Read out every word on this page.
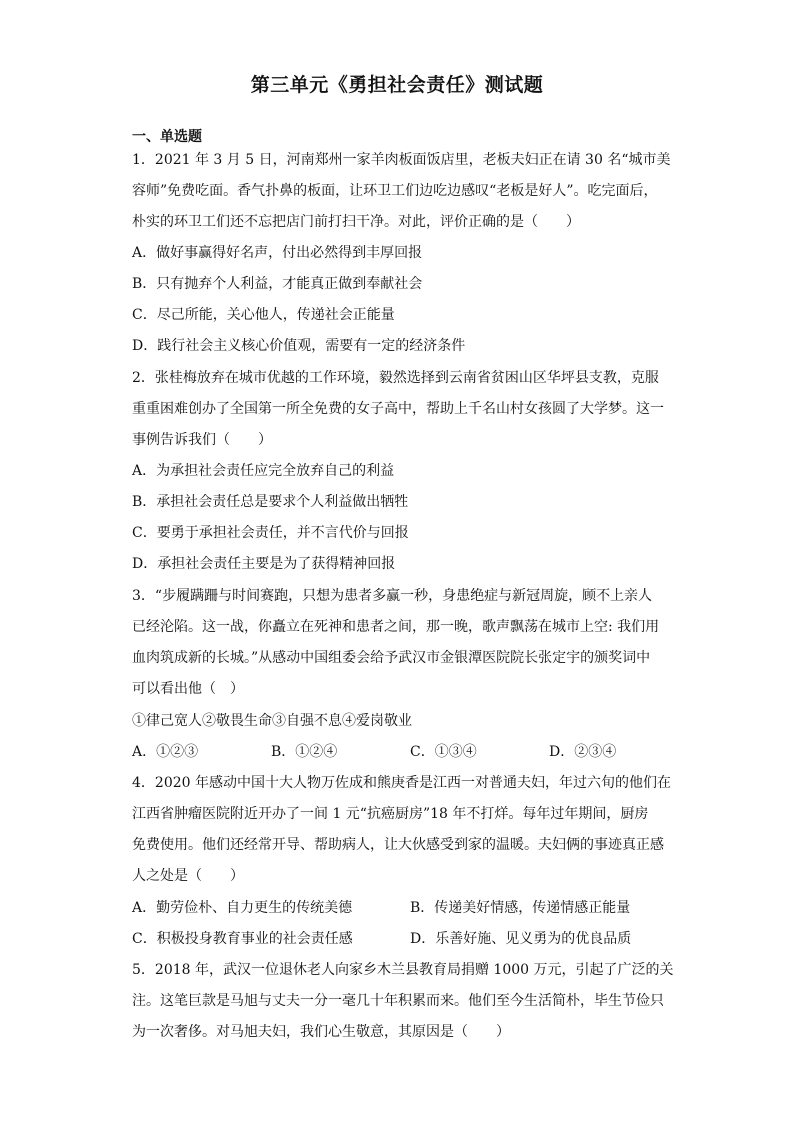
第三单元《勇担社会责任》测试题
一、单选题
1．2021 年 3 月 5 日，河南郑州一家羊肉板面饭店里，老板夫妇正在请 30 名“城市美
容师”免费吃面。香气扑鼻的板面，让环卫工们边吃边感叹“老板是好人”。吃完面后，
朴实的环卫工们还不忘把店门前打扫干净。对此，评价正确的是（　　）
A．做好事赢得好名声，付出必然得到丰厚回报
B．只有抛弃个人利益，才能真正做到奉献社会
C．尽己所能，关心他人，传递社会正能量
D．践行社会主义核心价值观，需要有一定的经济条件
2．张桂梅放弃在城市优越的工作环境，毅然选择到云南省贫困山区华坪县支教，克服
重重困难创办了全国第一所全免费的女子高中，帮助上千名山村女孩圆了大学梦。这一
事例告诉我们（　　）
A．为承担社会责任应完全放弃自己的利益
B．承担社会责任总是要求个人利益做出牺牲
C．要勇于承担社会责任，并不言代价与回报
D．承担社会责任主要是为了获得精神回报
3．“步履蹒跚与时间赛跑，只想为患者多赢一秒，身患绝症与新冠周旋，顾不上亲人
已经沦陷。这一战，你矗立在死神和患者之间，那一晚，歌声飘荡在城市上空: 我们用
血肉筑成新的长城。”从感动中国组委会给予武汉市金银潭医院院长张定宇的颁奖词中
可以看出他（　）
①律己宽人②敬畏生命③自强不息④爱岗敬业
A．①②③	B．①②④	C．①③④	D．②③④
4．2020 年感动中国十大人物万佐成和熊庚香是江西一对普通夫妇，年过六旬的他们在
江西省肿瘤医院附近开办了一间 1 元“抗癌厨房”18 年不打烊。每年过年期间，厨房
免费使用。他们还经常开导、帮助病人，让大伙感受到家的温暖。夫妇俩的事迹真正感
人之处是（　　）
A．勤劳俭朴、自力更生的传统美德	B．传递美好情感，传递情感正能量
C．积极投身教育事业的社会责任感	D．乐善好施、见义勇为的优良品质
5．2018 年，武汉一位退休老人向家乡木兰县教育局捐赠 1000 万元，引起了广泛的关
注。这笔巨款是马旭与丈夫一分一毫几十年积累而来。他们至今生活简朴，毕生节俭只
为一次奢侈。对马旭夫妇，我们心生敬意，其原因是（　　）
